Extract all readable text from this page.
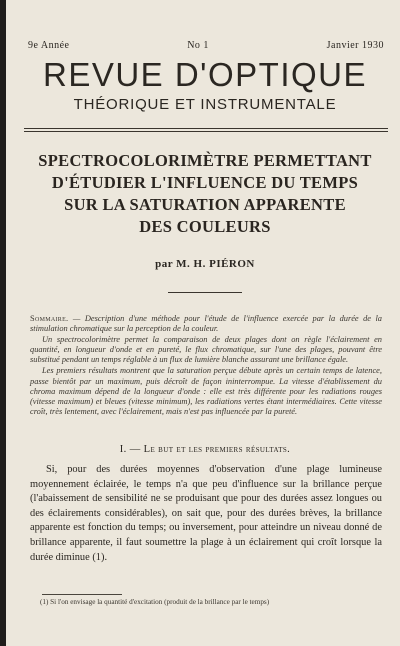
9e Année	No 1	Janvier 1930
REVUE D'OPTIQUE
THÉORIQUE ET INSTRUMENTALE
SPECTROCOLORIMÈTRE PERMETTANT
D'ÉTUDIER L'INFLUENCE DU TEMPS
SUR LA SATURATION APPARENTE
DES COULEURS
par M. H. PIÉRON

Sommaire. — Description d'une méthode pour l'étude de l'influence exercée par la durée de la stimulation chromatique sur la perception de la couleur.

Un spectrocolorimètre permet la comparaison de deux plages dont on règle l'éclairement en quantité, en longueur d'onde et en pureté, le flux chromatique, sur l'une des plages, pouvant être substitué pendant un temps réglable à un flux de lumière blanche assurant une brillance égale.

Les premiers résultats montrent que la saturation perçue débute après un certain temps de latence, passe bientôt par un maximum, puis décroît de façon ininterrompue. La vitesse d'établissement du chroma maximum dépend de la longueur d'onde : elle est très différente pour les radiations rouges (vitesse maximum) et bleues (vitesse minimum), les radiations vertes étant intermédiaires. Cette vitesse croît, très lentement, avec l'éclairement, mais n'est pas influencée par la pureté.

I. — Le but et les premiers résultats.

Si, pour des durées moyennes d'observation d'une plage lumineuse moyennement éclairée, le temps n'a que peu d'influence sur la brillance perçue (l'abaissement de sensibilité ne se produisant que pour des durées assez longues ou des éclairements considérables), on sait que, pour des durées brèves, la brillance apparente est fonction du temps; ou inversement, pour atteindre un niveau donné de brillance apparente, il faut soumettre la plage à un éclairement qui croît lorsque la durée diminue (1).

(1) Si l'on envisage la quantité d'excitation (produit de la brillance par le temps)
